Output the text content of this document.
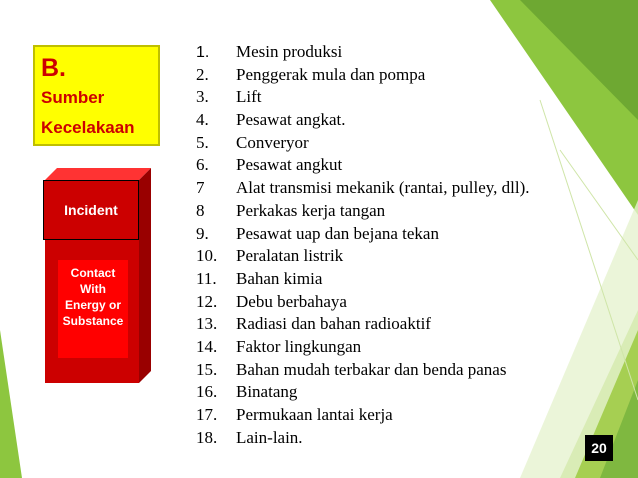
B.
Sumber
Kecelakaan
Incident

Contact
With
Energy or
Substance

1. Mesin produksi
2. Penggerak mula dan pompa
3. Lift
4. Pesawat angkat.
5. Converyor
6. Pesawat angkut
7 Alat transmisi mekanik (rantai, pulley, dll).
8 Perkakas kerja tangan
9. Pesawat uap dan bejana tekan
10. Peralatan listrik
11. Bahan kimia
12. Debu berbahaya
13. Radiasi dan bahan radioaktif
14. Faktor lingkungan
15. Bahan mudah terbakar dan benda panas
16. Binatang
17. Permukaan lantai kerja
18. Lain-lain.
20
